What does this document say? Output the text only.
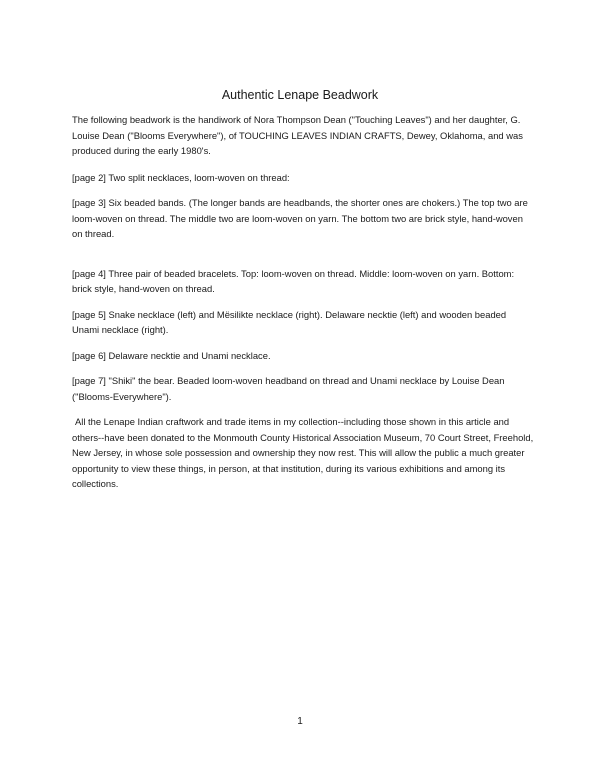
Authentic Lenape Beadwork

The following beadwork is the handiwork of Nora Thompson Dean ("Touching Leaves") and her daughter, G. Louise Dean ("Blooms Everywhere"), of TOUCHING LEAVES INDIAN CRAFTS, Dewey, Oklahoma, and was produced during the early 1980's.

[page 2] Two split necklaces, loom-woven on thread:

[page 3] Six beaded bands. (The longer bands are headbands, the shorter ones are chokers.) The top two are loom-woven on thread. The middle two are loom-woven on yarn. The bottom two are brick style, hand-woven on thread.

[page 4] Three pair of beaded bracelets. Top: loom-woven on thread. Middle: loom-woven on yarn. Bottom: brick style, hand-woven on thread.

[page 5] Snake necklace (left) and Mësilikte necklace (right). Delaware necktie (left) and wooden beaded Unami necklace (right).

[page 6] Delaware necktie and Unami necklace.

[page 7] "Shiki" the bear. Beaded loom-woven headband on thread and Unami necklace by Louise Dean ("Blooms-Everywhere").

All the Lenape Indian craftwork and trade items in my collection--including those shown in this article and others--have been donated to the Monmouth County Historical Association Museum, 70 Court Street, Freehold, New Jersey, in whose sole possession and ownership they now rest. This will allow the public a much greater opportunity to view these things, in person, at that institution, during its various exhibitions and among its collections.

1
